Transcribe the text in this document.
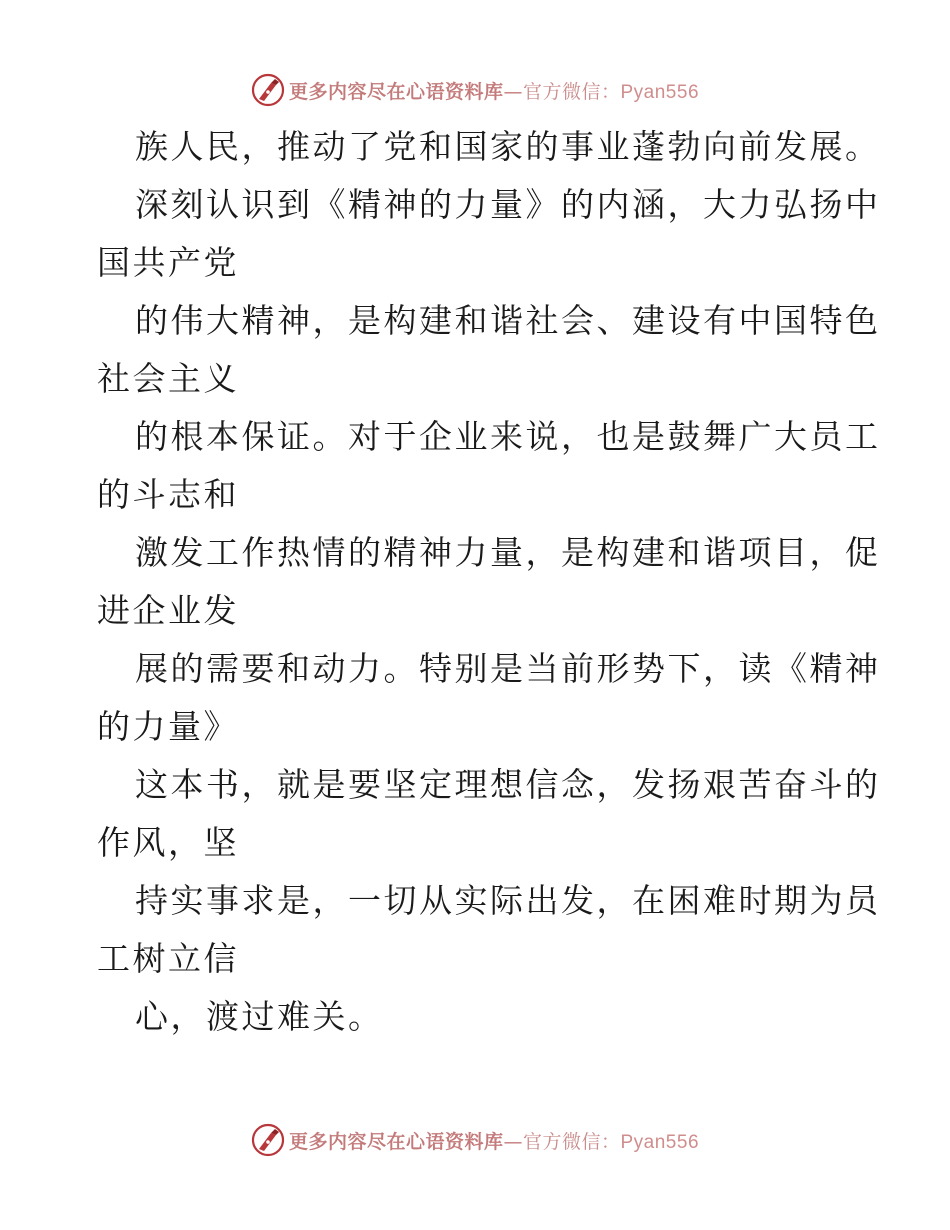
更多内容尽在心语资料库—官方微信：Pyan556
族人民，推动了党和国家的事业蓬勃向前发展。
深刻认识到《精神的力量》的内涵，大力弘扬中
国共产党
的伟大精神，是构建和谐社会、建设有中国特色
社会主义
的根本保证。对于企业来说，也是鼓舞广大员工
的斗志和
激发工作热情的精神力量，是构建和谐项目，促
进企业发
展的需要和动力。特别是当前形势下，读《精神
的力量》
这本书，就是要坚定理想信念，发扬艰苦奋斗的
作风，坚
持实事求是，一切从实际出发，在困难时期为员
工树立信
心，渡过难关。
更多内容尽在心语资料库—官方微信：Pyan556
